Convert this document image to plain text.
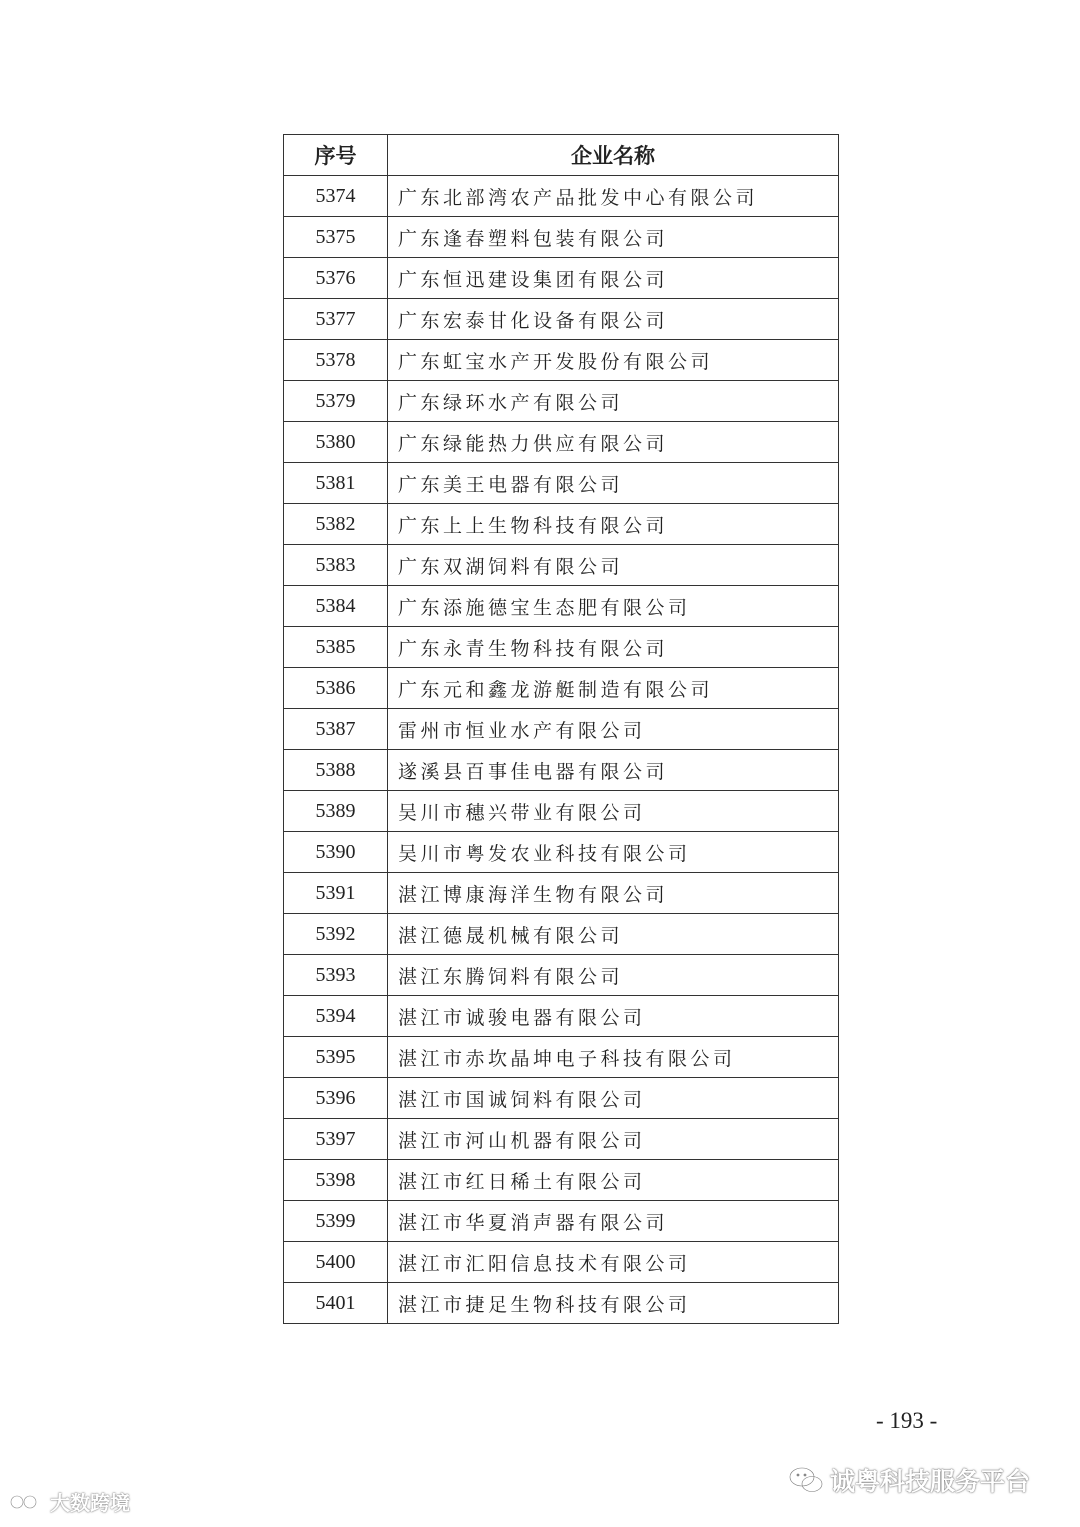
序号	企业名称
5374	广东北部湾农产品批发中心有限公司
5375	广东逢春塑料包装有限公司
5376	广东恒迅建设集团有限公司
5377	广东宏泰甘化设备有限公司
5378	广东虹宝水产开发股份有限公司
5379	广东绿环水产有限公司
5380	广东绿能热力供应有限公司
5381	广东美王电器有限公司
5382	广东上上生物科技有限公司
5383	广东双湖饲料有限公司
5384	广东添施德宝生态肥有限公司
5385	广东永青生物科技有限公司
5386	广东元和鑫龙游艇制造有限公司
5387	雷州市恒业水产有限公司
5388	遂溪县百事佳电器有限公司
5389	吴川市穗兴带业有限公司
5390	吴川市粤发农业科技有限公司
5391	湛江博康海洋生物有限公司
5392	湛江德晟机械有限公司
5393	湛江东腾饲料有限公司
5394	湛江市诚骏电器有限公司
5395	湛江市赤坎晶坤电子科技有限公司
5396	湛江市国诚饲料有限公司
5397	湛江市河山机器有限公司
5398	湛江市红日稀土有限公司
5399	湛江市华夏消声器有限公司
5400	湛江市汇阳信息技术有限公司
5401	湛江市捷足生物科技有限公司
- 193 -
大数跨境
诚粤科技服务平台
